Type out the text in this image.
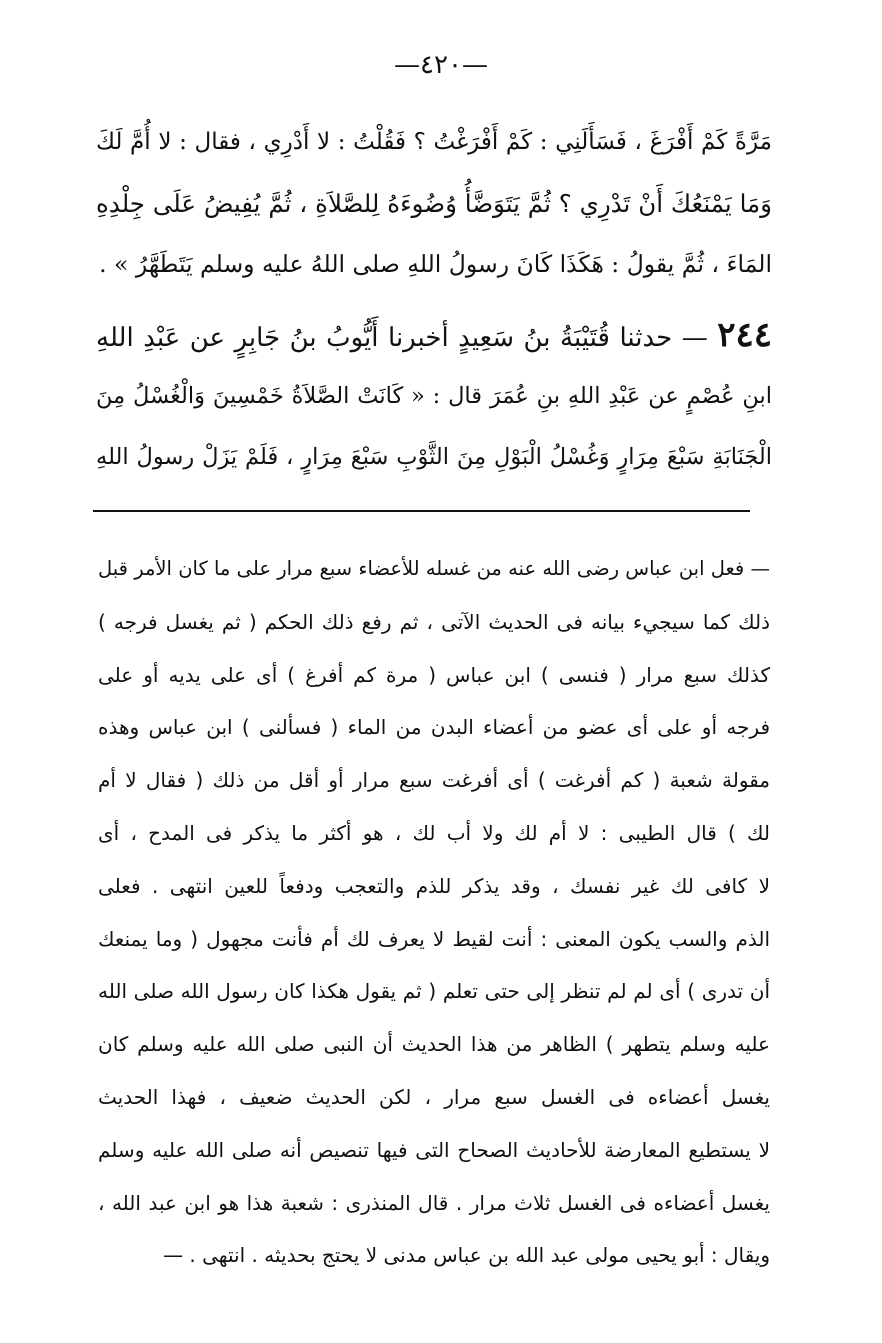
—٤٢٠—
مَرَّةً كَمْ أَفْرَغَ ، فَسَأَلَنِي : كَمْ أَفْرَغْتُ ؟ فَقُلْتُ : لا أَدْرِي ، فقال : لا أُمَّ لَكَ
وَمَا يَمْنَعُكَ أَنْ تَدْرِي ؟ ثُمَّ يَتَوَضَّأُ وُضُوءَهُ لِلصَّلاَةِ ، ثُمَّ يُفِيضُ عَلَى جِلْدِهِ
المَاءَ ، ثُمَّ يقولُ : هَكَذَا كَانَ رسولُ اللهِ صلى اللهُ عليه وسلم يَتَطَهَّرُ » .
٢٤٤ — حدثنا قُتَيْبَةُ بنُ سَعِيدٍ أخبرنا أَيُّوبُ بنُ جَابِرٍ عن عَبْدِ اللهِ
ابنِ عُصْمٍ عن عَبْدِ اللهِ بنِ عُمَرَ قال : « كَانَتْ الصَّلاَةُ خَمْسِينَ وَالْغُسْلُ مِنَ
الْجَنَابَةِ سَبْعَ مِرَارٍ وَغُسْلُ الْبَوْلِ مِنَ الثَّوْبِ سَبْعَ مِرَارٍ ، فَلَمْ يَزَلْ رسولُ اللهِ
— فعل ابن عباس رضى الله عنه من غسله للأعضاء سبع مرار على ما كان الأمر قبل
ذلك كما سيجيء بيانه فى الحديث الآتى ، ثم رفع ذلك الحكم ( ثم يغسل فرجه )
كذلك سبع مرار ( فنسى ) ابن عباس ( مرة كم أفرغ ) أى على يديه أو على
فرجه أو على أى عضو من أعضاء البدن من الماء ( فسألنى ) ابن عباس وهذه
مقولة شعبة ( كم أفرغت ) أى أفرغت سبع مرار أو أقل من ذلك ( فقال لا أم
لك ) قال الطيبى : لا أم لك ولا أب لك ، هو أكثر ما يذكر فى المدح ، أى
لا كافى لك غير نفسك ، وقد يذكر للذم والتعجب ودفعاً للعين انتهى . فعلى
الذم والسب يكون المعنى : أنت لقيط لا يعرف لك أم فأنت مجهول ( وما يمنعك
أن تدرى ) أى لم لم تنظر إلى حتى تعلم ( ثم يقول هكذا كان رسول الله صلى الله
عليه وسلم يتطهر ) الظاهر من هذا الحديث أن النبى صلى الله عليه وسلم كان
يغسل أعضاءه فى الغسل سبع مرار ، لكن الحديث ضعيف ، فهذا الحديث
لا يستطيع المعارضة للأحاديث الصحاح التى فيها تنصيص أنه صلى الله عليه وسلم
يغسل أعضاءه فى الغسل ثلاث مرار . قال المنذرى : شعبة هذا هو ابن عبد الله ،
ويقال : أبو يحيى مولى عبد الله بن عباس مدنى لا يحتج بحديثه . انتهى . —
